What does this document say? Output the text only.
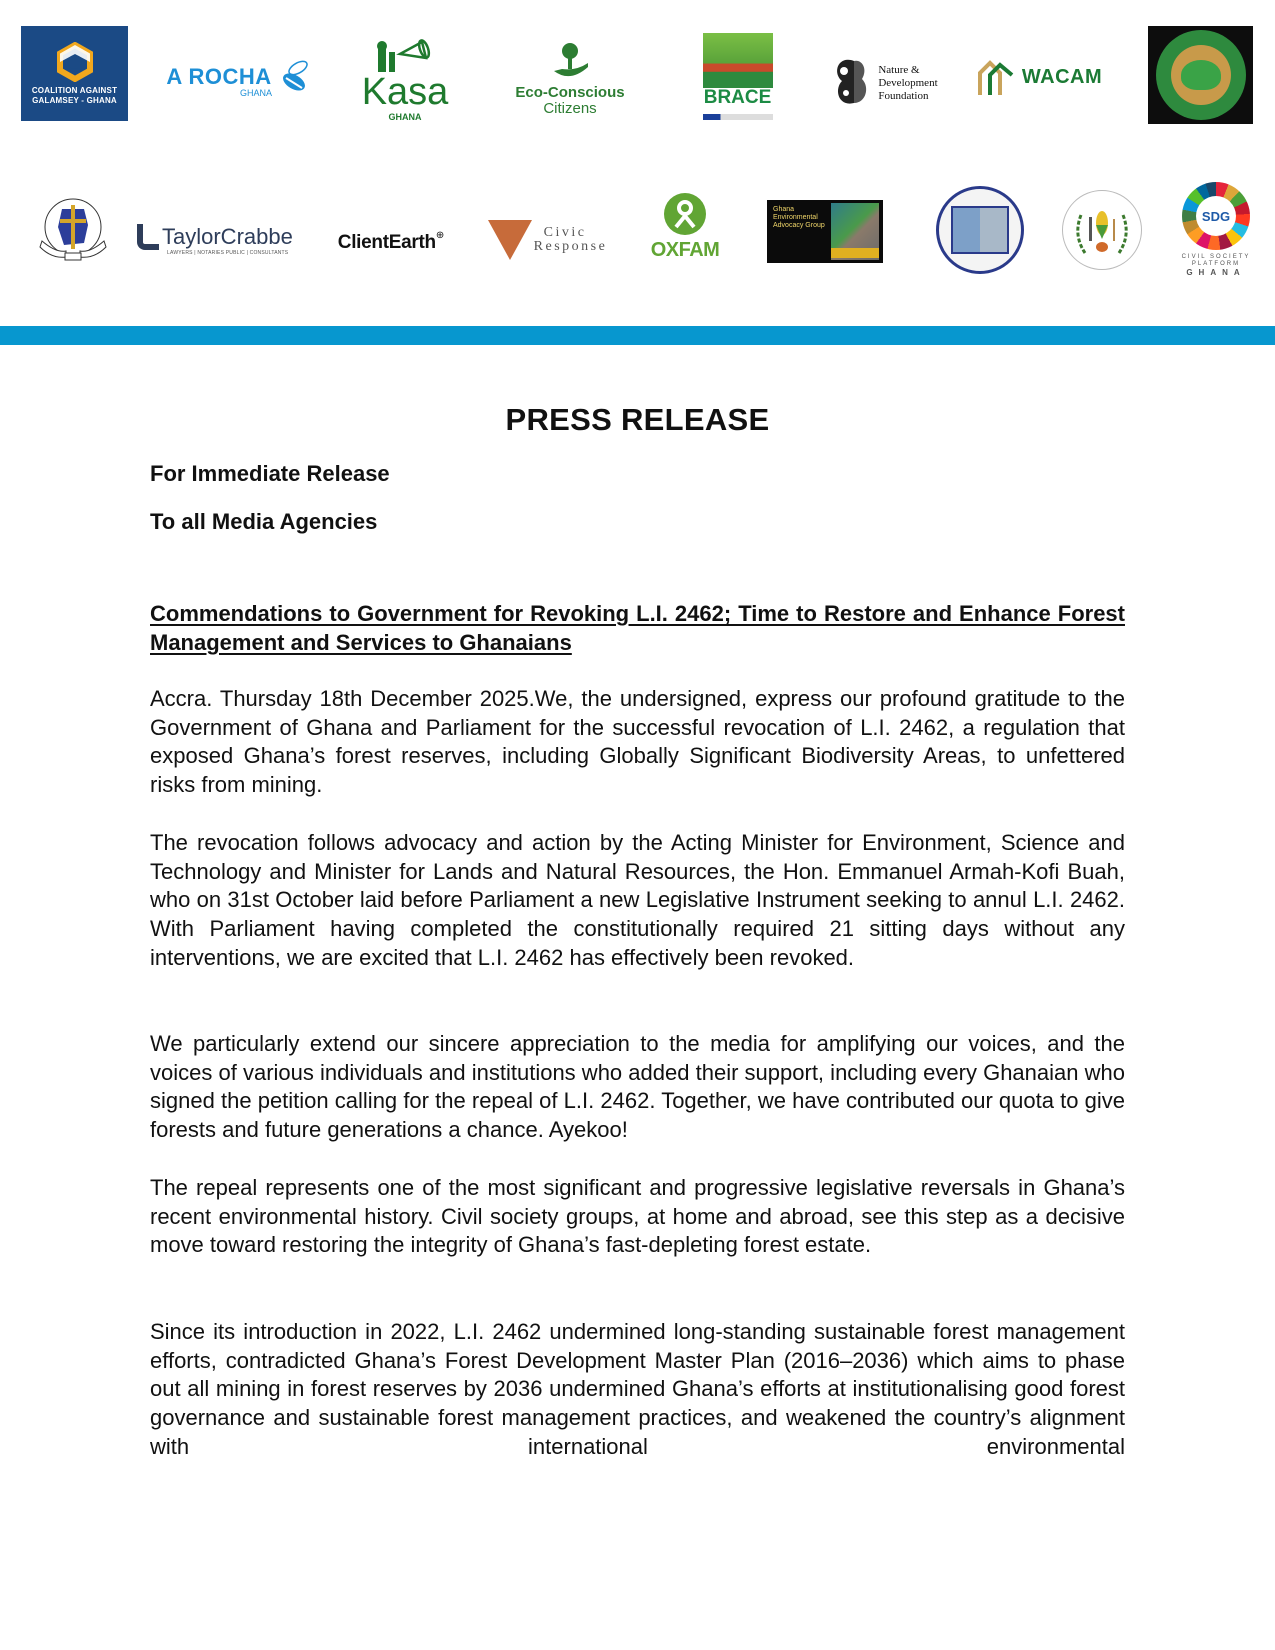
COALITION AGAINST GALAMSEY - GHANA
A ROCHA
GHANA Kasa
GHANA
Eco-Conscious
Citizens
BRACE
Nature &
Development
Foundation
WACAM
TaylorCrabbe
LAWYERS | NOTARIES PUBLIC | CONSULTANTS	ClientEarth ⊕	Civic
Response OXFAM
Ghana
Environmental
Advocacy Group
SDG
CIVIL SOCIETY PLATFORM
GHANA
PRESS RELEASE
For Immediate Release
To all Media Agencies
Commendations to Government for Revoking L.I. 2462; Time to Restore and Enhance Forest Management and Services to Ghanaians

Accra. Thursday 18th December 2025.We, the undersigned, express our profound gratitude to the Government of Ghana and Parliament for the successful revocation of L.I. 2462, a regulation that exposed Ghana’s forest reserves, including Globally Significant Biodiversity Areas, to unfettered risks from mining.

The revocation follows advocacy and action by the Acting Minister for Environment, Science and Technology and Minister for Lands and Natural Resources, the Hon. Emmanuel Armah-Kofi Buah, who on 31st October laid before Parliament a new Legislative Instrument seeking to annul L.I. 2462. With Parliament having completed the constitutionally required 21 sitting days without any interventions, we are excited that L.I. 2462 has effectively been revoked.

We particularly extend our sincere appreciation to the media for amplifying our voices, and the voices of various individuals and institutions who added their support, including every Ghanaian who signed the petition calling for the repeal of L.I. 2462. Together, we have contributed our quota to give forests and future generations a chance. Ayekoo!

The repeal represents one of the most significant and progressive legislative reversals in Ghana’s recent environmental history. Civil society groups, at home and abroad, see this step as a decisive move toward restoring the integrity of Ghana’s fast-depleting forest estate.

Since its introduction in 2022, L.I. 2462 undermined long-standing sustainable forest management efforts, contradicted Ghana’s Forest Development Master Plan (2016–2036) which aims to phase out all mining in forest reserves by 2036 undermined Ghana’s efforts at institutionalising good forest governance and sustainable forest management practices, and weakened the country’s alignment with international environmental
